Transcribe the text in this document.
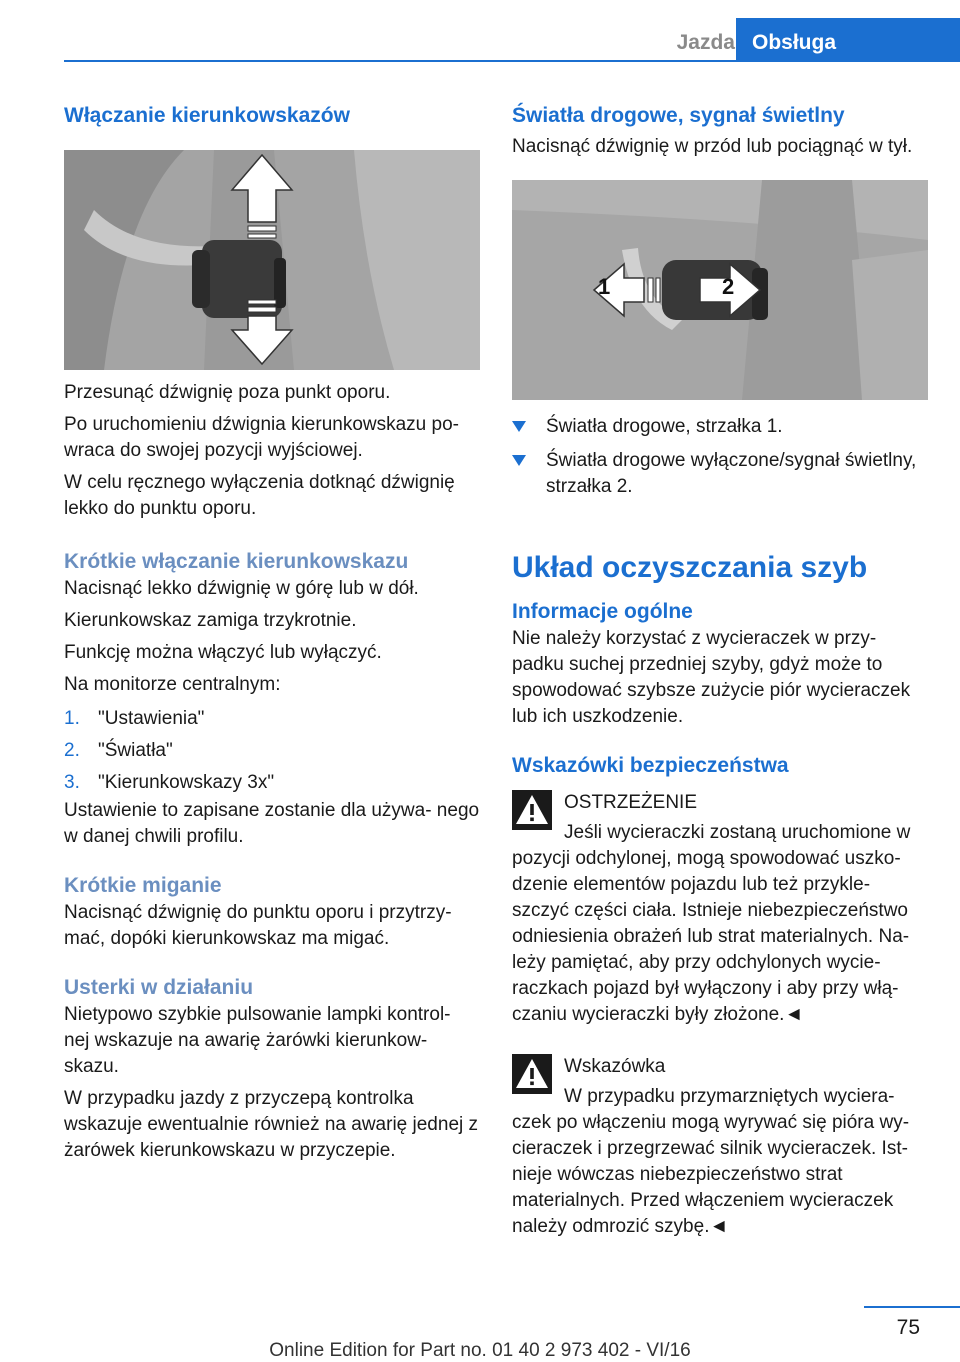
Jazda Obsługa
Włączanie kierunkowskazów

Przesunąć dźwignię poza punkt oporu.

Po uruchomieniu dźwignia kierunkowskazu po- wraca do swojej pozycji wyjściowej.

W celu ręcznego wyłączenia dotknąć dźwignię lekko do punktu oporu.

Krótkie włączanie kierunkowskazu

Nacisnąć lekko dźwignię w górę lub w dół.

Kierunkowskaz zamiga trzykrotnie.

Funkcję można włączyć lub wyłączyć.

Na monitorze centralnym:

1. "Ustawienia"
2. "Światła"
3. "Kierunkowskazy 3x"

Ustawienie to zapisane zostanie dla używa- nego w danej chwili profilu.

Krótkie miganie

Nacisnąć dźwignię do punktu oporu i przytrzy- mać, dopóki kierunkowskaz ma migać.

Usterki w działaniu

Nietypowo szybkie pulsowanie lampki kontrol- nej wskazuje na awarię żarówki kierunkow- skazu.

W przypadku jazdy z przyczepą kontrolka wskazuje ewentualnie również na awarię jednej z żarówek kierunkowskazu w przyczepie.

Światła drogowe, sygnał świetlny

Nacisnąć dźwignię w przód lub pociągnąć w tył.

1	2
Światła drogowe, strzałka 1.
Światła drogowe wyłączone/sygnał świetlny, strzałka 2.
Układ oczyszczania szyb
Informacje ogólne

Nie należy korzystać z wycieraczek w przy- padku suchej przedniej szyby, gdyż może to spowodować szybsze zużycie piór wycieraczek lub ich uszkodzenie.

Wskazówki bezpieczeństwa

OSTRZEŻENIE

Jeśli wycieraczki zostaną uruchomione w

pozycji odchylonej, mogą spowodować uszko- dzenie elementów pojazdu lub też przykle- szczyć części ciała. Istnieje niebezpieczeństwo odniesienia obrażeń lub strat materialnych. Na- leży pamiętać, aby przy odchylonych wycie- raczkach pojazd był wyłączony i aby przy włą- czaniu wycieraczki były złożone.◄

Wskazówka

W przypadku przymarzniętych wyciera-

czek po włączeniu mogą wyrywać się pióra wy- cieraczek i przegrzewać silnik wycieraczek. Ist- nieje wówczas niebezpieczeństwo strat materialnych. Przed włączeniem wycieraczek należy odmrozić szybę.◄

75
Online Edition for Part no. 01 40 2 973 402 - VI/16
